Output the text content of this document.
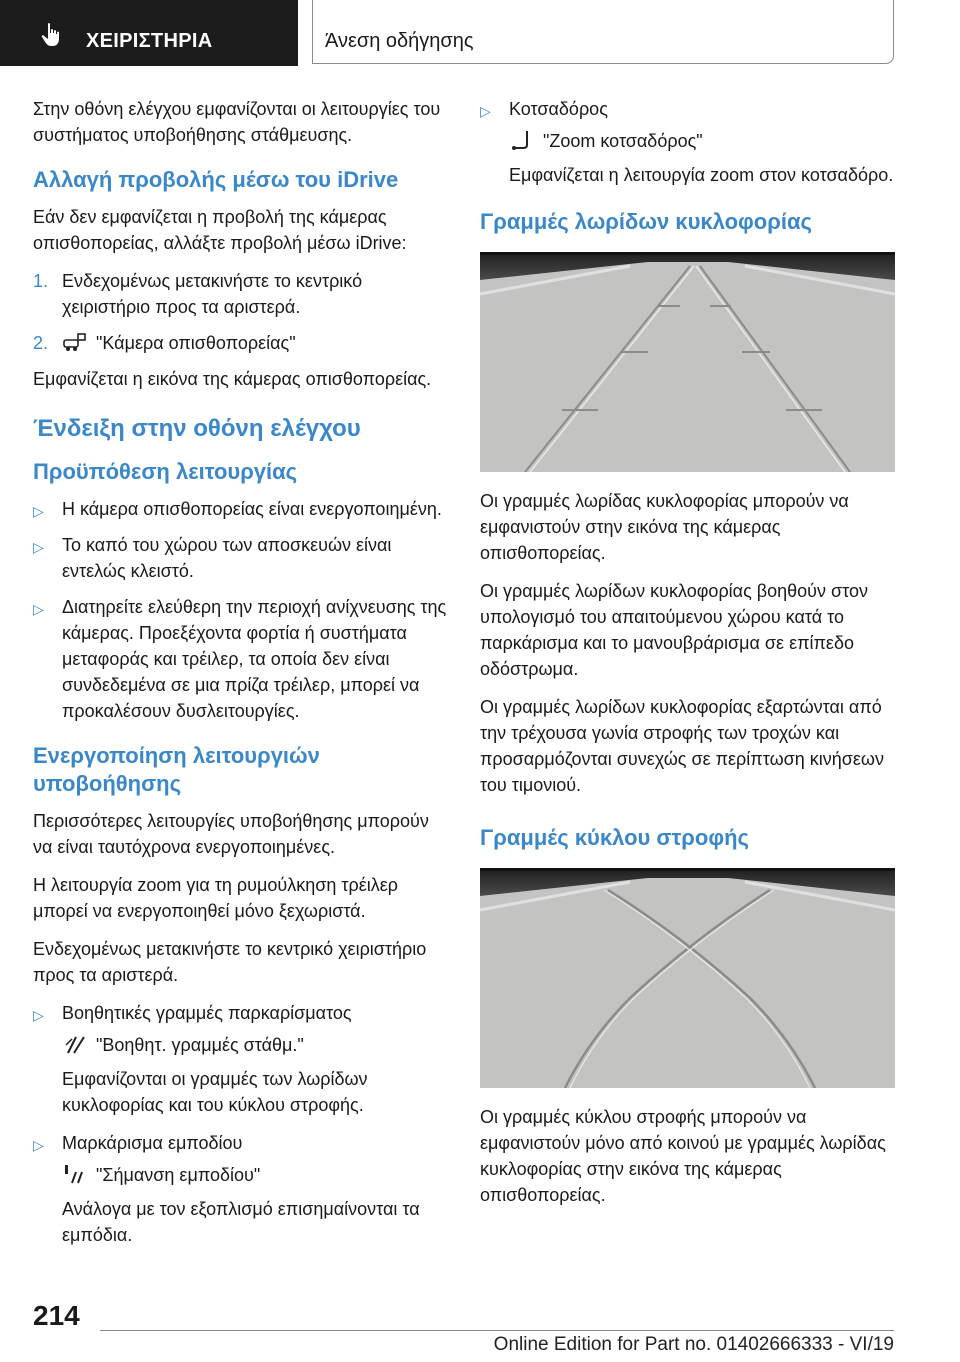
ΧΕΙΡΙΣΤΗΡΙΑ	Άνεση οδήγησης

Στην οθόνη ελέγχου εμφανίζονται οι λειτουργίες του συστήματος υποβοήθησης στάθμευσης.

Αλλαγή προβολής μέσω του iDrive

Εάν δεν εμφανίζεται η προβολή της κάμερας οπισθοπορείας, αλλάξτε προβολή μέσω iDrive:

1. Ενδεχομένως μετακινήστε το κεντρικό χειριστήριο προς τα αριστερά.
2.	"Κάμερα οπισθοπορείας"

Εμφανίζεται η εικόνα της κάμερας οπισθοπορείας.

Ένδειξη στην οθόνη ελέγχου
Προϋπόθεση λειτουργίας
▷ Η κάμερα οπισθοπορείας είναι ενεργοποιημένη.
▷ Το καπό του χώρου των αποσκευών είναι εντελώς κλειστό.
▷ Διατηρείτε ελεύθερη την περιοχή ανίχνευσης της κάμερας. Προεξέχοντα φορτία ή συστήματα μεταφοράς και τρέιλερ, τα οποία δεν είναι συνδεδεμένα σε μια πρίζα τρέιλερ, μπορεί να προκαλέσουν δυσλειτουργίες.
Ενεργοποίηση λειτουργιών υποβοήθησης

Περισσότερες λειτουργίες υποβοήθησης μπορούν να είναι ταυτόχρονα ενεργοποιημένες.

Η λειτουργία zoom για τη ρυμούλκηση τρέιλερ μπορεί να ενεργοποιηθεί μόνο ξεχωριστά.

Ενδεχομένως μετακινήστε το κεντρικό χειριστήριο προς τα αριστερά.

▷ Βοηθητικές γραμμές παρκαρίσματος
"Βοηθητ. γραμμές στάθμ."

Εμφανίζονται οι γραμμές των λωρίδων κυκλοφορίας και του κύκλου στροφής.

▷ Μαρκάρισμα εμποδίου
"Σήμανση εμποδίου"

Ανάλογα με τον εξοπλισμό επισημαίνονται τα εμπόδια.

▷ Κοτσαδόρος
"Zoom κοτσαδόρος"

Εμφανίζεται η λειτουργία zoom στον κοτσαδόρο.

Γραμμές λωρίδων κυκλοφορίας

Οι γραμμές λωρίδας κυκλοφορίας μπορούν να εμφανιστούν στην εικόνα της κάμερας οπισθοπορείας.

Οι γραμμές λωρίδων κυκλοφορίας βοηθούν στον υπολογισμό του απαιτούμενου χώρου κατά το παρκάρισμα και το μανουβράρισμα σε επίπεδο οδόστρωμα.

Οι γραμμές λωρίδων κυκλοφορίας εξαρτώνται από την τρέχουσα γωνία στροφής των τροχών και προσαρμόζονται συνεχώς σε περίπτωση κινήσεων του τιμονιού.

Γραμμές κύκλου στροφής

Οι γραμμές κύκλου στροφής μπορούν να εμφανιστούν μόνο από κοινού με γραμμές λωρίδας κυκλοφορίας στην εικόνα της κάμερας οπισθοπορείας.

214
Online Edition for Part no. 01402666333 - VI/19
